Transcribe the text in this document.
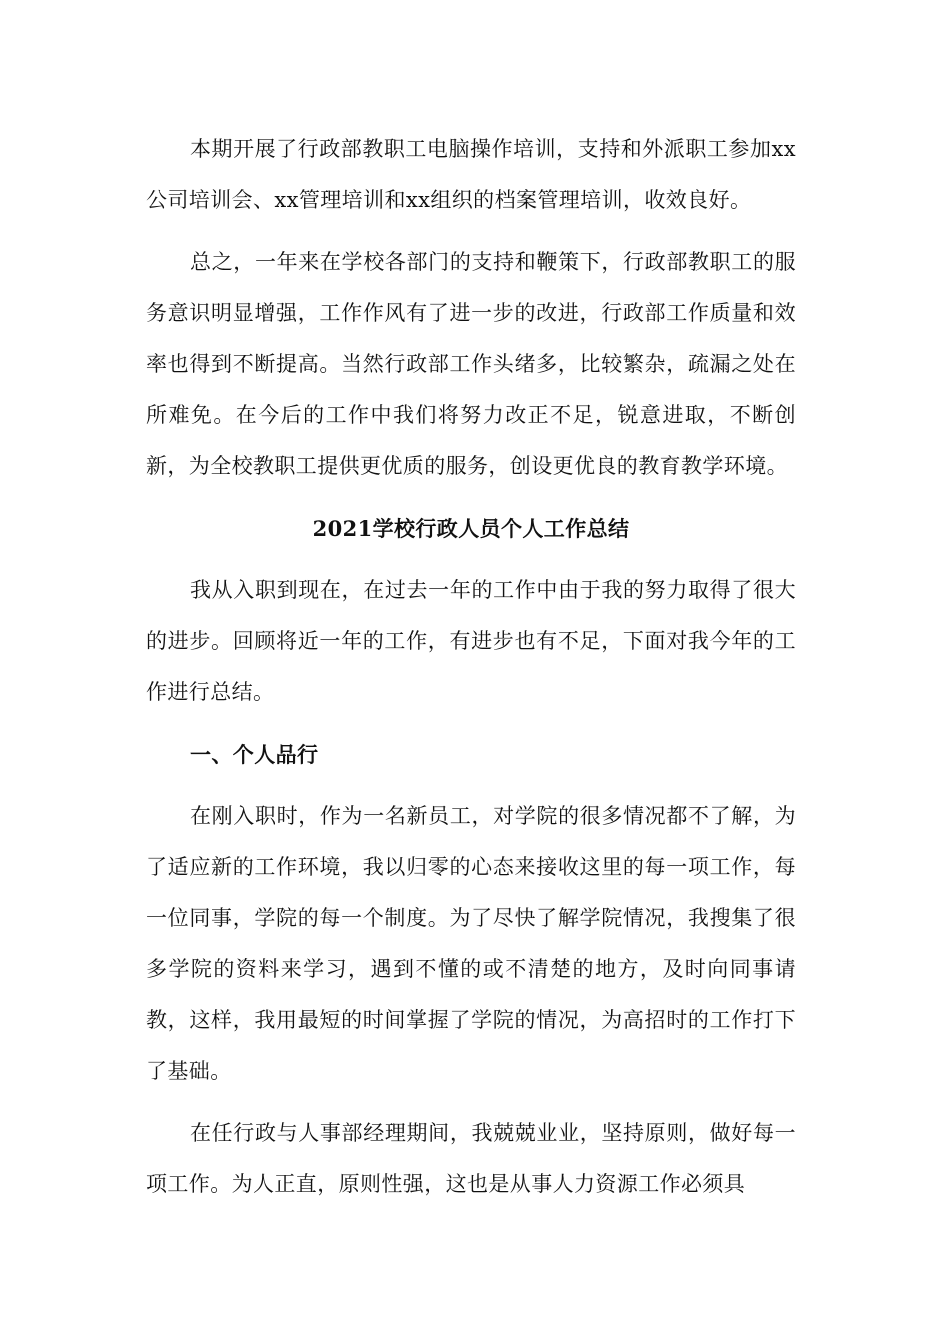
本期开展了行政部教职工电脑操作培训，支持和外派职工参加xx公司培训会、xx管理培训和xx组织的档案管理培训，收效良好。

总之，一年来在学校各部门的支持和鞭策下，行政部教职工的服务意识明显增强，工作作风有了进一步的改进，行政部工作质量和效率也得到不断提高。当然行政部工作头绪多，比较繁杂，疏漏之处在所难免。在今后的工作中我们将努力改正不足，锐意进取，不断创新，为全校教职工提供更优质的服务，创设更优良的教育教学环境。

2021学校行政人员个人工作总结

我从入职到现在，在过去一年的工作中由于我的努力取得了很大的进步。回顾将近一年的工作，有进步也有不足，下面对我今年的工作进行总结。

一、个人品行

在刚入职时，作为一名新员工，对学院的很多情况都不了解，为了适应新的工作环境，我以归零的心态来接收这里的每一项工作，每一位同事，学院的每一个制度。为了尽快了解学院情况，我搜集了很多学院的资料来学习，遇到不懂的或不清楚的地方，及时向同事请教，这样，我用最短的时间掌握了学院的情况，为高招时的工作打下了基础。

在任行政与人事部经理期间，我兢兢业业，坚持原则，做好每一项工作。为人正直，原则性强，这也是从事人力资源工作必须具
